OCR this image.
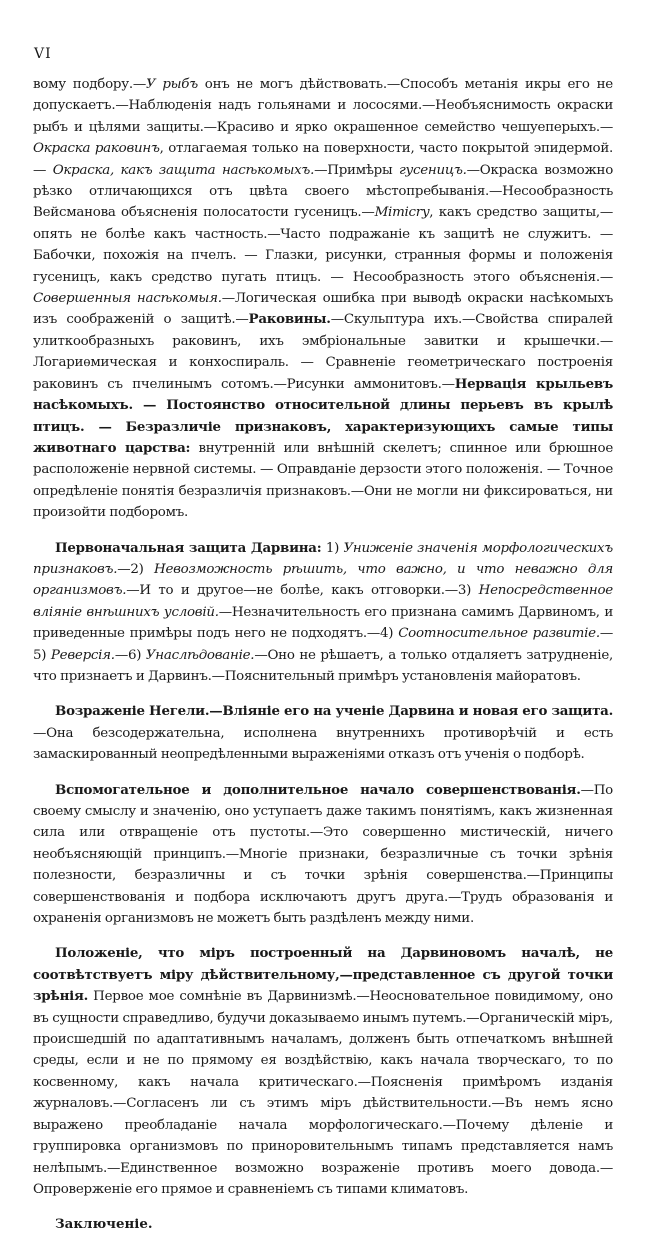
VI

вому подбору.—У рыбъ онъ не могъ дѣйствовать.—Способъ метанія икры его не допускаетъ.—Наблюденія надъ гольянами и лососями.—Необъяснимость окраски рыбъ и цѣлями защиты.—Красиво и ярко окрашенное семейство чешуеперыхъ.—Окраска раковинъ, отлагаемая только на поверхности, часто покрытой эпидермой. — Окраска, какъ защита насѣкомыхъ.—Примѣры гусеницъ.—Окраска возможно рѣзко отличающихся отъ цвѣта своего мѣстопребыванія.—Несообразность Вейсманова объясненія полосатости гусеницъ.—Mimicry, какъ средство защиты,—опять не болѣе какъ частность.—Часто подражаніе къ защитѣ не служитъ. — Бабочки, похожія на пчелъ. — Глазки, рисунки, странныя формы и положенія гусеницъ, какъ средство пугать птицъ. — Несообразность этого объясненія.—Совершенныя насѣкомыя.—Логическая ошибка при выводѣ окраски насѣкомыхъ изъ соображеній о защитѣ.—Раковины.—Скульптура ихъ.—Свойства спиралей улиткообразныхъ раковинъ, ихъ эмбріональные завитки и крышечки.—Логариѳмическая и конхоспираль. — Сравненіе геометрическаго построенія раковинъ съ пчелинымъ сотомъ.—Рисунки аммонитовъ.—Нервація крыльевъ насѣкомыхъ. — Постоянство относительной длины перьевъ въ крылѣ птицъ. — Безразличіе признаковъ, характеризующихъ самые типы животнаго царства: внутренній или внѣшній скелетъ; спинное или брюшное расположеніе нервной системы. — Оправданіе дерзости этого положенія. — Точное опредѣленіе понятія безразличія признаковъ.—Они не могли ни фиксироваться, ни произойти подборомъ.

Первоначальная защита Дарвина: 1) Униженіе значенія морфологическихъ признаковъ.—2) Невозможность рѣшить, что важно, и что неважно для организмовъ.—И то и другое—не болѣе, какъ отговорки.—3) Непосредственное вліяніе внѣшнихъ условій.—Незначительность его признана самимъ Дарвиномъ, и приведенные примѣры подъ него не подходятъ.—4) Соотносительное развитіе.—5) Реверсія.—6) Унаслѣдованіе.—Оно не рѣшаетъ, а только отдаляетъ затрудненіе, что признаетъ и Дарвинъ.—Пояснительный примѣръ установленія майоратовъ.

Возраженіе Негели.—Вліяніе его на ученіе Дарвина и новая его защита.—Она безсодержательна, исполнена внутреннихъ противорѣчій и есть замаскированный неопредѣленными выраженіями отказъ отъ ученія о подборѣ.

Вспомогательное и дополнительное начало совершенствованія.—По своему смыслу и значенію, оно уступаетъ даже такимъ понятіямъ, какъ жизненная сила или отвращеніе отъ пустоты.—Это совершенно мистическій, ничего необъясняющій принципъ.—Многіе признаки, безразличные съ точки зрѣнія полезности, безразличны и съ точки зрѣнія совершенства.—Принципы совершенствованія и подбора исключаютъ другъ друга.—Трудъ образованія и охраненія организмовъ не можетъ быть раздѣленъ между ними.

Положеніе, что міръ построенный на Дарвиновомъ началѣ, не соотвѣтствуетъ міру дѣйствительному,—представленное съ другой точки зрѣнія. Первое мое сомнѣніе въ Дарвинизмѣ.—Неосновательное повидимому, оно въ сущности справедливо, будучи доказываемо инымъ путемъ.—Органическій міръ, происшедшій по адаптативнымъ началамъ, долженъ быть отпечаткомъ внѣшней среды, если и не по прямому ея воздѣйствію, какъ начала творческаго, то по косвенному, какъ начала критическаго.—Поясненія примѣромъ изданія журналовъ.—Согласенъ ли съ этимъ міръ дѣйствительности.—Въ немъ ясно выражено преобладаніе начала морфологическаго.—Почему дѣленіе и группировка организмовъ по приноровительнымъ типамъ представляется намъ нелѣпымъ.—Единственное возможно возраженіе противъ моего довода.—Опроверженіе его прямое и сравненіемъ съ типами климатовъ.

Заключеніе.
